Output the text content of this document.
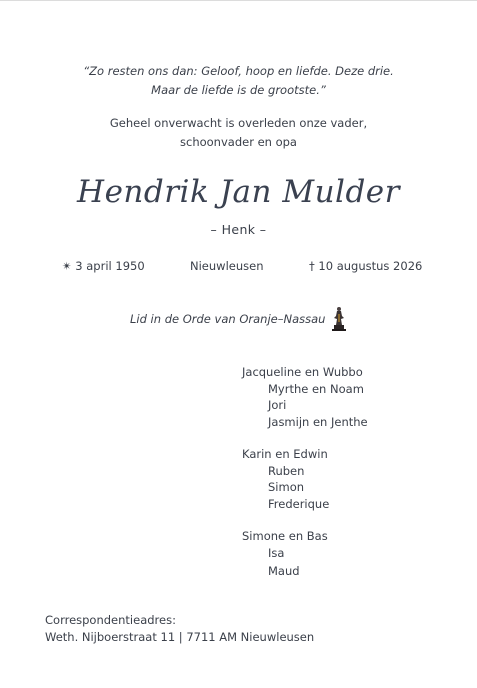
“Zo resten ons dan: Geloof, hoop en liefde. Deze drie.
Maar de liefde is de grootste.”
Geheel onverwacht is overleden onze vader,
schoonvader en opa
Hendrik Jan Mulder
– Henk –
✴ 3 april 1950	Nieuwleusen	† 10 augustus 2026
Lid in de Orde van Oranje–Nassau
Jacqueline en Wubbo
Myrthe en Noam
Jori
Jasmijn en Jenthe
Karin en Edwin
Ruben
Simon
Frederique
Simone en Bas
Isa
Maud
Correspondentieadres:
Weth. Nijboerstraat 11 | 7711 AM Nieuwleusen
